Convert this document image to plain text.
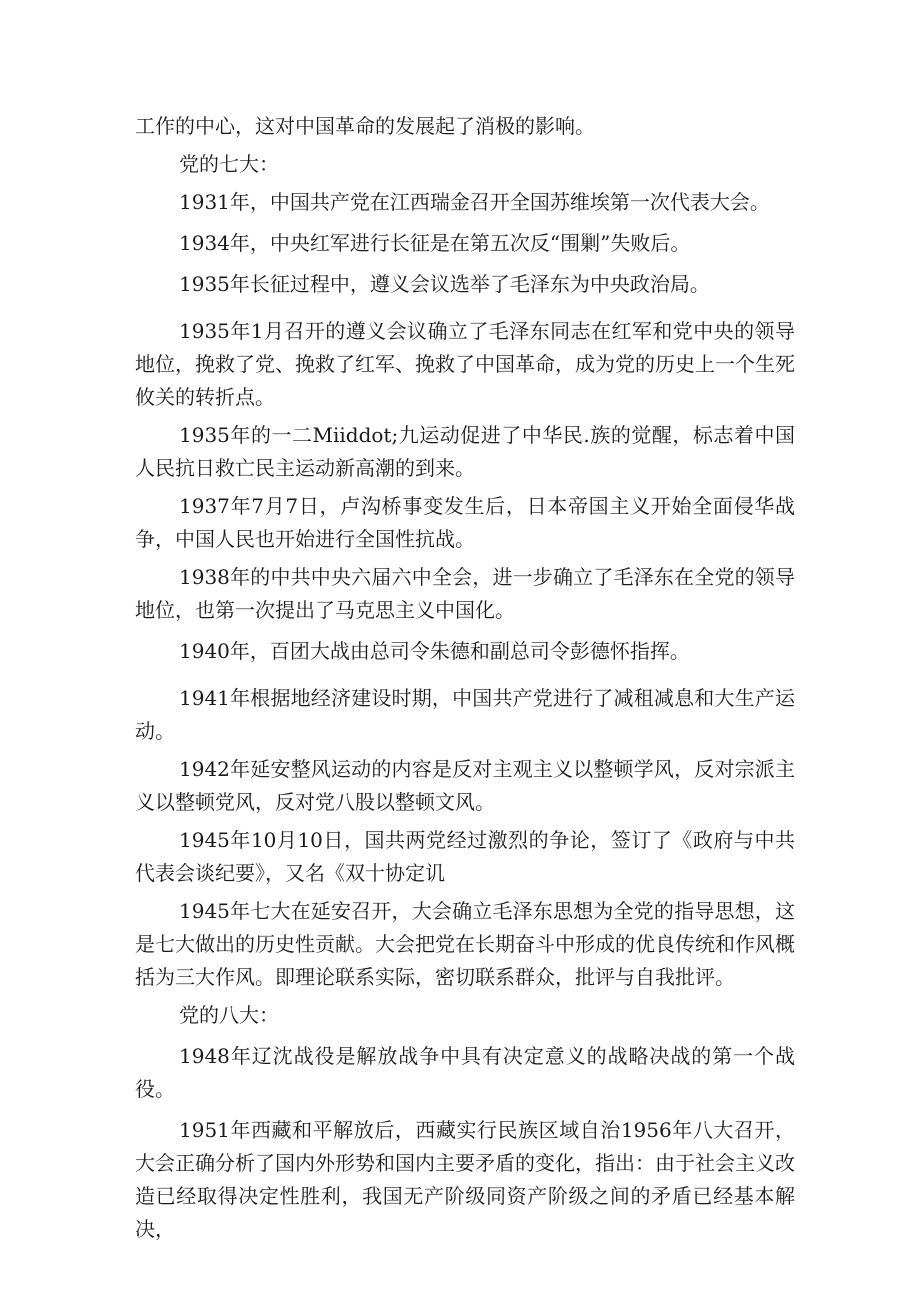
工作的中心，这对中国革命的发展起了消极的影响。

党的七大：

1931年，中国共产党在江西瑞金召开全国苏维埃第一次代表大会。

1934年，中央红军进行长征是在第五次反“围剿”失败后。

1935年长征过程中，遵义会议选举了毛泽东为中央政治局。

1935年1月召开的遵义会议确立了毛泽东同志在红军和党中央的领导地位，挽救了党、挽救了红军、挽救了中国革命，成为党的历史上一个生死攸关的转折点。

1935年的一二Miiddot;九运动促进了中华民.族的觉醒，标志着中国人民抗日救亡民主运动新高潮的到来。

1937年7月7日，卢沟桥事变发生后，日本帝国主义开始全面侵华战争，中国人民也开始进行全国性抗战。

1938年的中共中央六届六中全会，进一步确立了毛泽东在全党的领导地位，也第一次提出了马克思主义中国化。

1940年，百团大战由总司令朱德和副总司令彭德怀指挥。

1941年根据地经济建设时期，中国共产党进行了减租减息和大生产运动。

1942年延安整风运动的内容是反对主观主义以整顿学风，反对宗派主义以整顿党风，反对党八股以整顿文风。

1945年10月10日，国共两党经过激烈的争论，签订了《政府与中共代表会谈纪要》，又名《双十协定讥

1945年七大在延安召开，大会确立毛泽东思想为全党的指导思想，这是七大做出的历史性贡献。大会把党在长期奋斗中形成的优良传统和作风概括为三大作风。即理论联系实际，密切联系群众，批评与自我批评。

党的八大：

1948年辽沈战役是解放战争中具有决定意义的战略决战的第一个战役。

1951年西藏和平解放后，西藏实行民族区域自治1956年八大召开，大会正确分析了国内外形势和国内主要矛盾的变化，指出：由于社会主义改造已经取得决定性胜利，我国无产阶级同资产阶级之间的矛盾已经基本解决，
